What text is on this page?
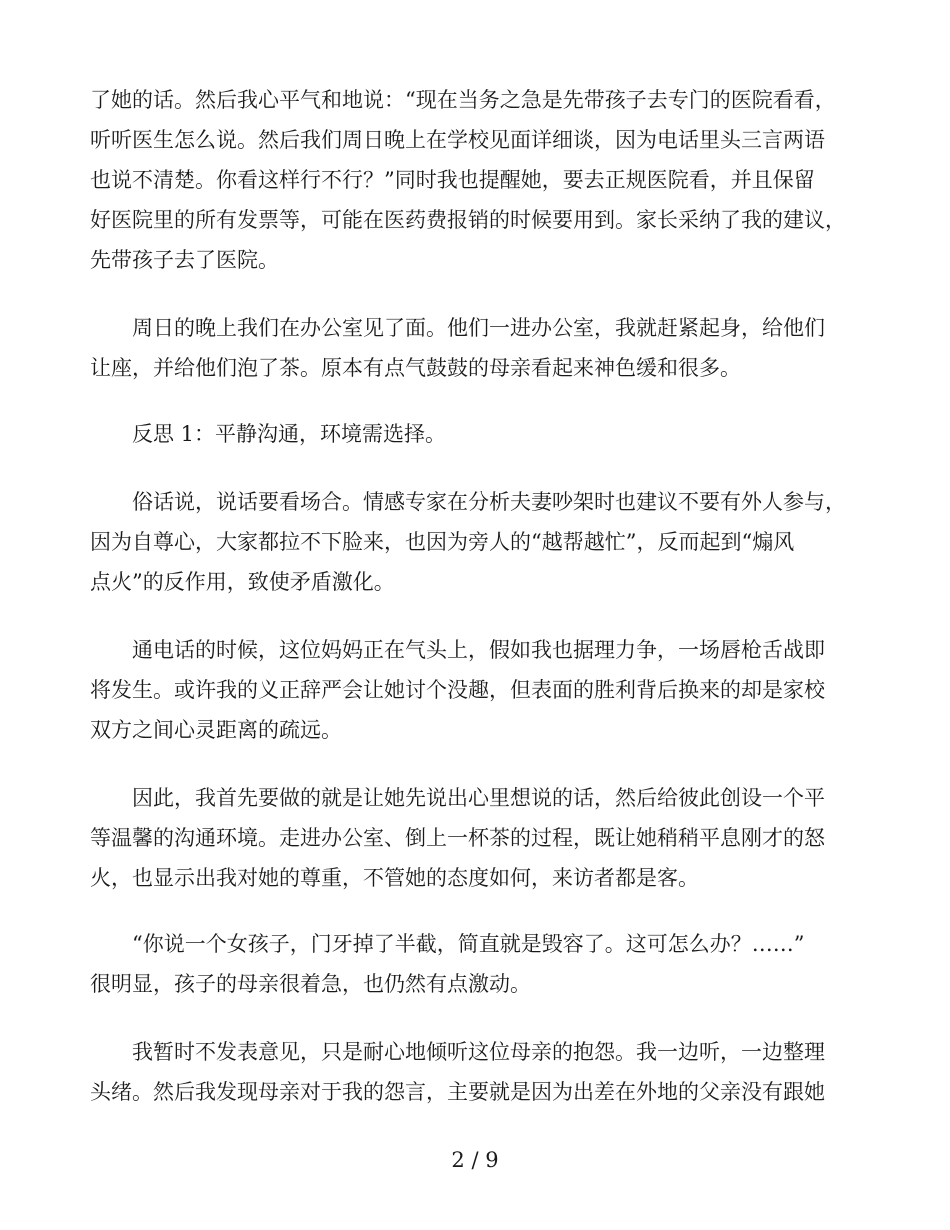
了她的话。然后我心平气和地说：“现在当务之急是先带孩子去专门的医院看看，
听听医生怎么说。然后我们周日晚上在学校见面详细谈，因为电话里头三言两语
也说不清楚。你看这样行不行？”同时我也提醒她，要去正规医院看，并且保留
好医院里的所有发票等，可能在医药费报销的时候要用到。家长采纳了我的建议，
先带孩子去了医院。
周日的晚上我们在办公室见了面。他们一进办公室，我就赶紧起身，给他们
让座，并给他们泡了茶。原本有点气鼓鼓的母亲看起来神色缓和很多。
反思 1：平静沟通，环境需选择。
俗话说，说话要看场合。情感专家在分析夫妻吵架时也建议不要有外人参与，
因为自尊心，大家都拉不下脸来，也因为旁人的“越帮越忙”，反而起到“煽风
点火”的反作用，致使矛盾激化。
通电话的时候，这位妈妈正在气头上，假如我也据理力争，一场唇枪舌战即
将发生。或许我的义正辞严会让她讨个没趣，但表面的胜利背后换来的却是家校
双方之间心灵距离的疏远。
因此，我首先要做的就是让她先说出心里想说的话，然后给彼此创设一个平
等温馨的沟通环境。走进办公室、倒上一杯茶的过程，既让她稍稍平息刚才的怒
火，也显示出我对她的尊重，不管她的态度如何，来访者都是客。
“你说一个女孩子，门牙掉了半截，简直就是毁容了。这可怎么办？……”
很明显，孩子的母亲很着急，也仍然有点激动。
我暂时不发表意见，只是耐心地倾听这位母亲的抱怨。我一边听，一边整理
头绪。然后我发现母亲对于我的怨言，主要就是因为出差在外地的父亲没有跟她
2 / 9
